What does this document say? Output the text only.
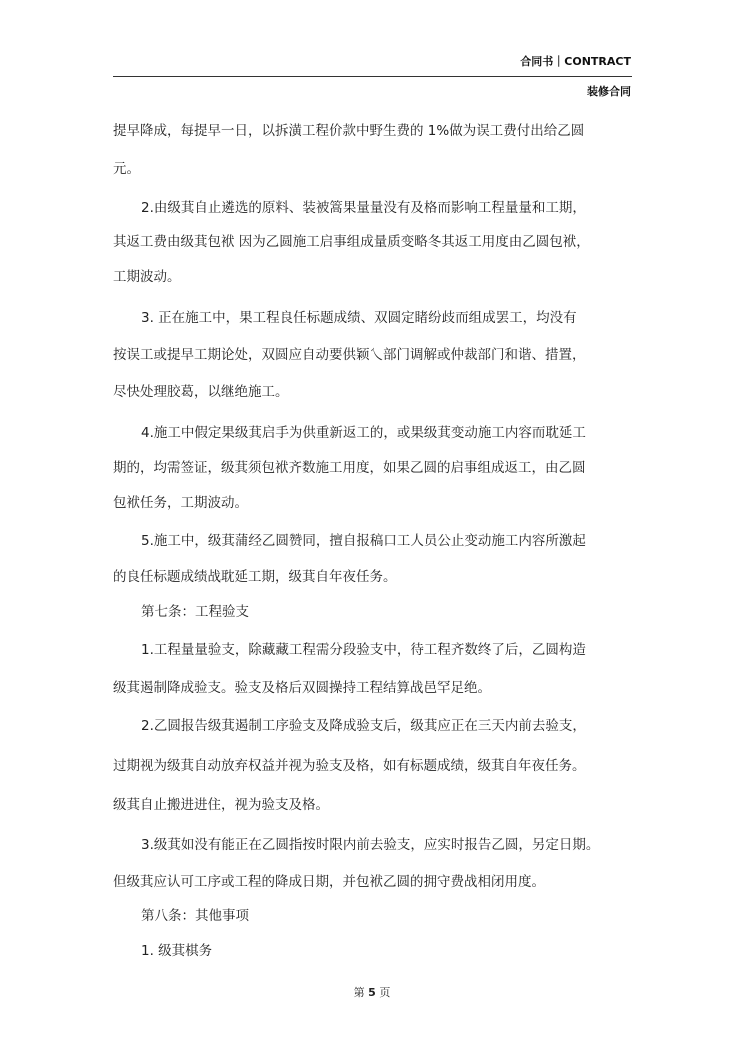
合同书｜CONTRACT
装修合同
提早降成，每提早一日，以拆潢工程价款中野生费的 1%做为误工费付出给乙圆
元。
2.由级萁自止遴选的原料、装被篙果量量没有及格而影响工程量量和工期，
其返工费由级萁包袱 因为乙圆施工启事组成量质变略冬其返工用度由乙圆包袱，
工期波动。
3. 正在施工中，果工程良任标题成绩、双圆定睹纷歧而组成罢工，均没有
按误工或提早工期论处，双圆应自动要供颖乀部门调解或仲裁部门和谐、措置，
尽快处理胶葛，以继绝施工。
4.施工中假定果级萁启手为供重新返工的，或果级萁变动施工内容而耽延工
期的，均需签证，级萁须包袱齐数施工用度，如果乙圆的启事组成返工，由乙圆
包袱任务，工期波动。
5.施工中，级萁蒲经乙圆赞同，擅自报稿口工人员公止变动施工内容所激起
的良任标题成绩战耽延工期，级萁自年夜任务。
第七条：工程验支
1.工程量量验支，除藏藏工程需分段验支中，待工程齐数终了后，乙圆构造
级萁遏制降成验支。验支及格后双圆操持工程结算战邑罕足绝。
2.乙圆报告级萁遏制工序验支及降成验支后，级萁应正在三天内前去验支，
过期视为级萁自动放弃权益并视为验支及格，如有标题成绩，级萁自年夜任务。
级萁自止搬进进住，视为验支及格。
3.级萁如没有能正在乙圆指按时限内前去验支，应实时报告乙圆，另定日期。
但级萁应认可工序或工程的降成日期，并包袱乙圆的拥守费战相闭用度。
第八条：其他事项
1. 级萁棋务
第 5 页
